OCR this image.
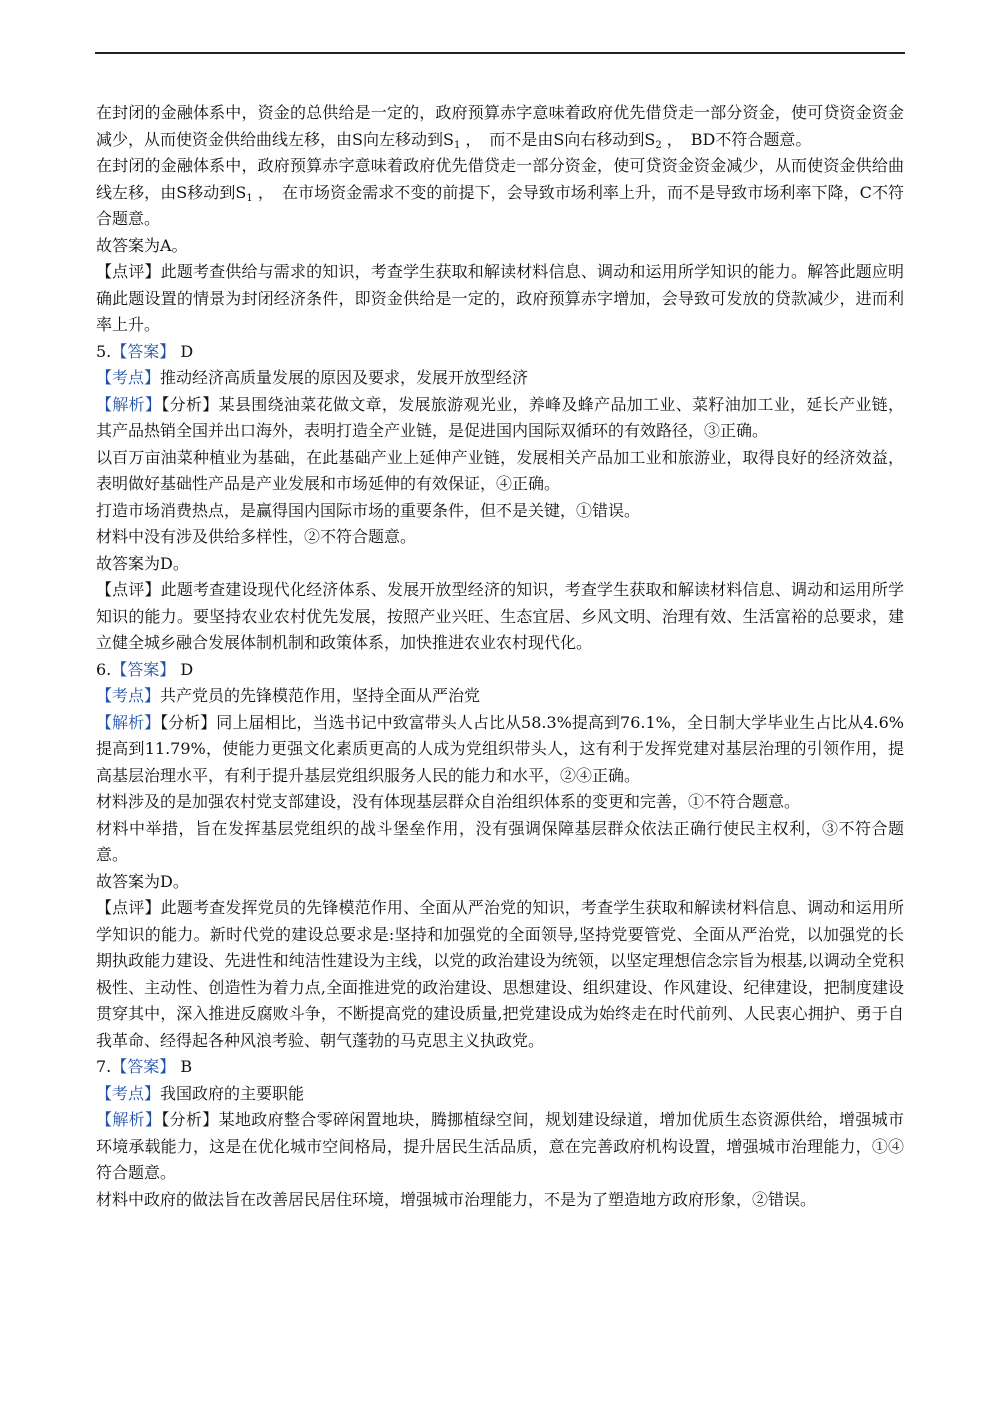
在封闭的金融体系中，资金的总供给是一定的，政府预算赤字意味着政府优先借贷走一部分资金，使可贷资金资金减少，从而使资金供给曲线左移，由S向左移动到$S_1$ ，　而不是由S向右移动到$S_2$ ，　BD不符合题意。

在封闭的金融体系中，政府预算赤字意味着政府优先借贷走一部分资金，使可贷资金资金减少，从而使资金供给曲线左移，由S移动到$S_1$ ，　在市场资金需求不变的前提下，会导致市场利率上升，而不是导致市场利率下降，C不符合题意。

故答案为A。

【点评】此题考查供给与需求的知识，考查学生获取和解读材料信息、调动和运用所学知识的能力。解答此题应明确此题设置的情景为封闭经济条件，即资金供给是一定的，政府预算赤字增加，会导致可发放的贷款减少，进而利率上升。

5.【答案】 D

【考点】推动经济高质量发展的原因及要求，发展开放型经济

【解析】【分析】某县围绕油菜花做文章，发展旅游观光业，养峰及蜂产品加工业、菜籽油加工业，延长产业链，其产品热销全国并出口海外，表明打造全产业链，是促进国内国际双循环的有效路径，③正确。

以百万亩油菜种植业为基础，在此基础产业上延伸产业链，发展相关产品加工业和旅游业，取得良好的经济效益，表明做好基础性产品是产业发展和市场延伸的有效保证，④正确。

打造市场消费热点，是赢得国内国际市场的重要条件，但不是关键，①错误。

材料中没有涉及供给多样性，②不符合题意。

故答案为D。

【点评】此题考查建设现代化经济体系、发展开放型经济的知识，考查学生获取和解读材料信息、调动和运用所学知识的能力。要坚持农业农村优先发展，按照产业兴旺、生态宜居、乡风文明、治理有效、生活富裕的总要求，建立健全城乡融合发展体制机制和政策体系，加快推进农业农村现代化。

6.【答案】 D

【考点】共产党员的先锋模范作用，坚持全面从严治党

【解析】【分析】同上届相比，当选书记中致富带头人占比从58.3%提高到76.1%，全日制大学毕业生占比从4.6%提高到11.79%，使能力更强文化素质更高的人成为党组织带头人，这有利于发挥党建对基层治理的引领作用，提高基层治理水平，有利于提升基层党组织服务人民的能力和水平，②④正确。

材料涉及的是加强农村党支部建设，没有体现基层群众自治组织体系的变更和完善，①不符合题意。

材料中举措，旨在发挥基层党组织的战斗堡垒作用，没有强调保障基层群众依法正确行使民主权利，③不符合题意。

故答案为D。

【点评】此题考查发挥党员的先锋模范作用、全面从严治党的知识，考查学生获取和解读材料信息、调动和运用所学知识的能力。新时代党的建设总要求是:坚持和加强党的全面领导,坚持党要管党、全面从严治党，以加强党的长期执政能力建设、先进性和纯洁性建设为主线，以党的政治建设为统领，以坚定理想信念宗旨为根基,以调动全党积极性、主动性、创造性为着力点,全面推进党的政治建设、思想建设、组织建设、作风建设、纪律建设，把制度建设贯穿其中，深入推进反腐败斗争，不断提高党的建设质量,把党建设成为始终走在时代前列、人民衷心拥护、勇于自我革命、经得起各种风浪考验、朝气蓬勃的马克思主义执政党。

7.【答案】 B

【考点】我国政府的主要职能

【解析】【分析】某地政府整合零碎闲置地块，腾挪植绿空间，规划建设绿道，增加优质生态资源供给，增强城市环境承载能力，这是在优化城市空间格局，提升居民生活品质，意在完善政府机构设置，增强城市治理能力，①④符合题意。

材料中政府的做法旨在改善居民居住环境，增强城市治理能力，不是为了塑造地方政府形象，②错误。
